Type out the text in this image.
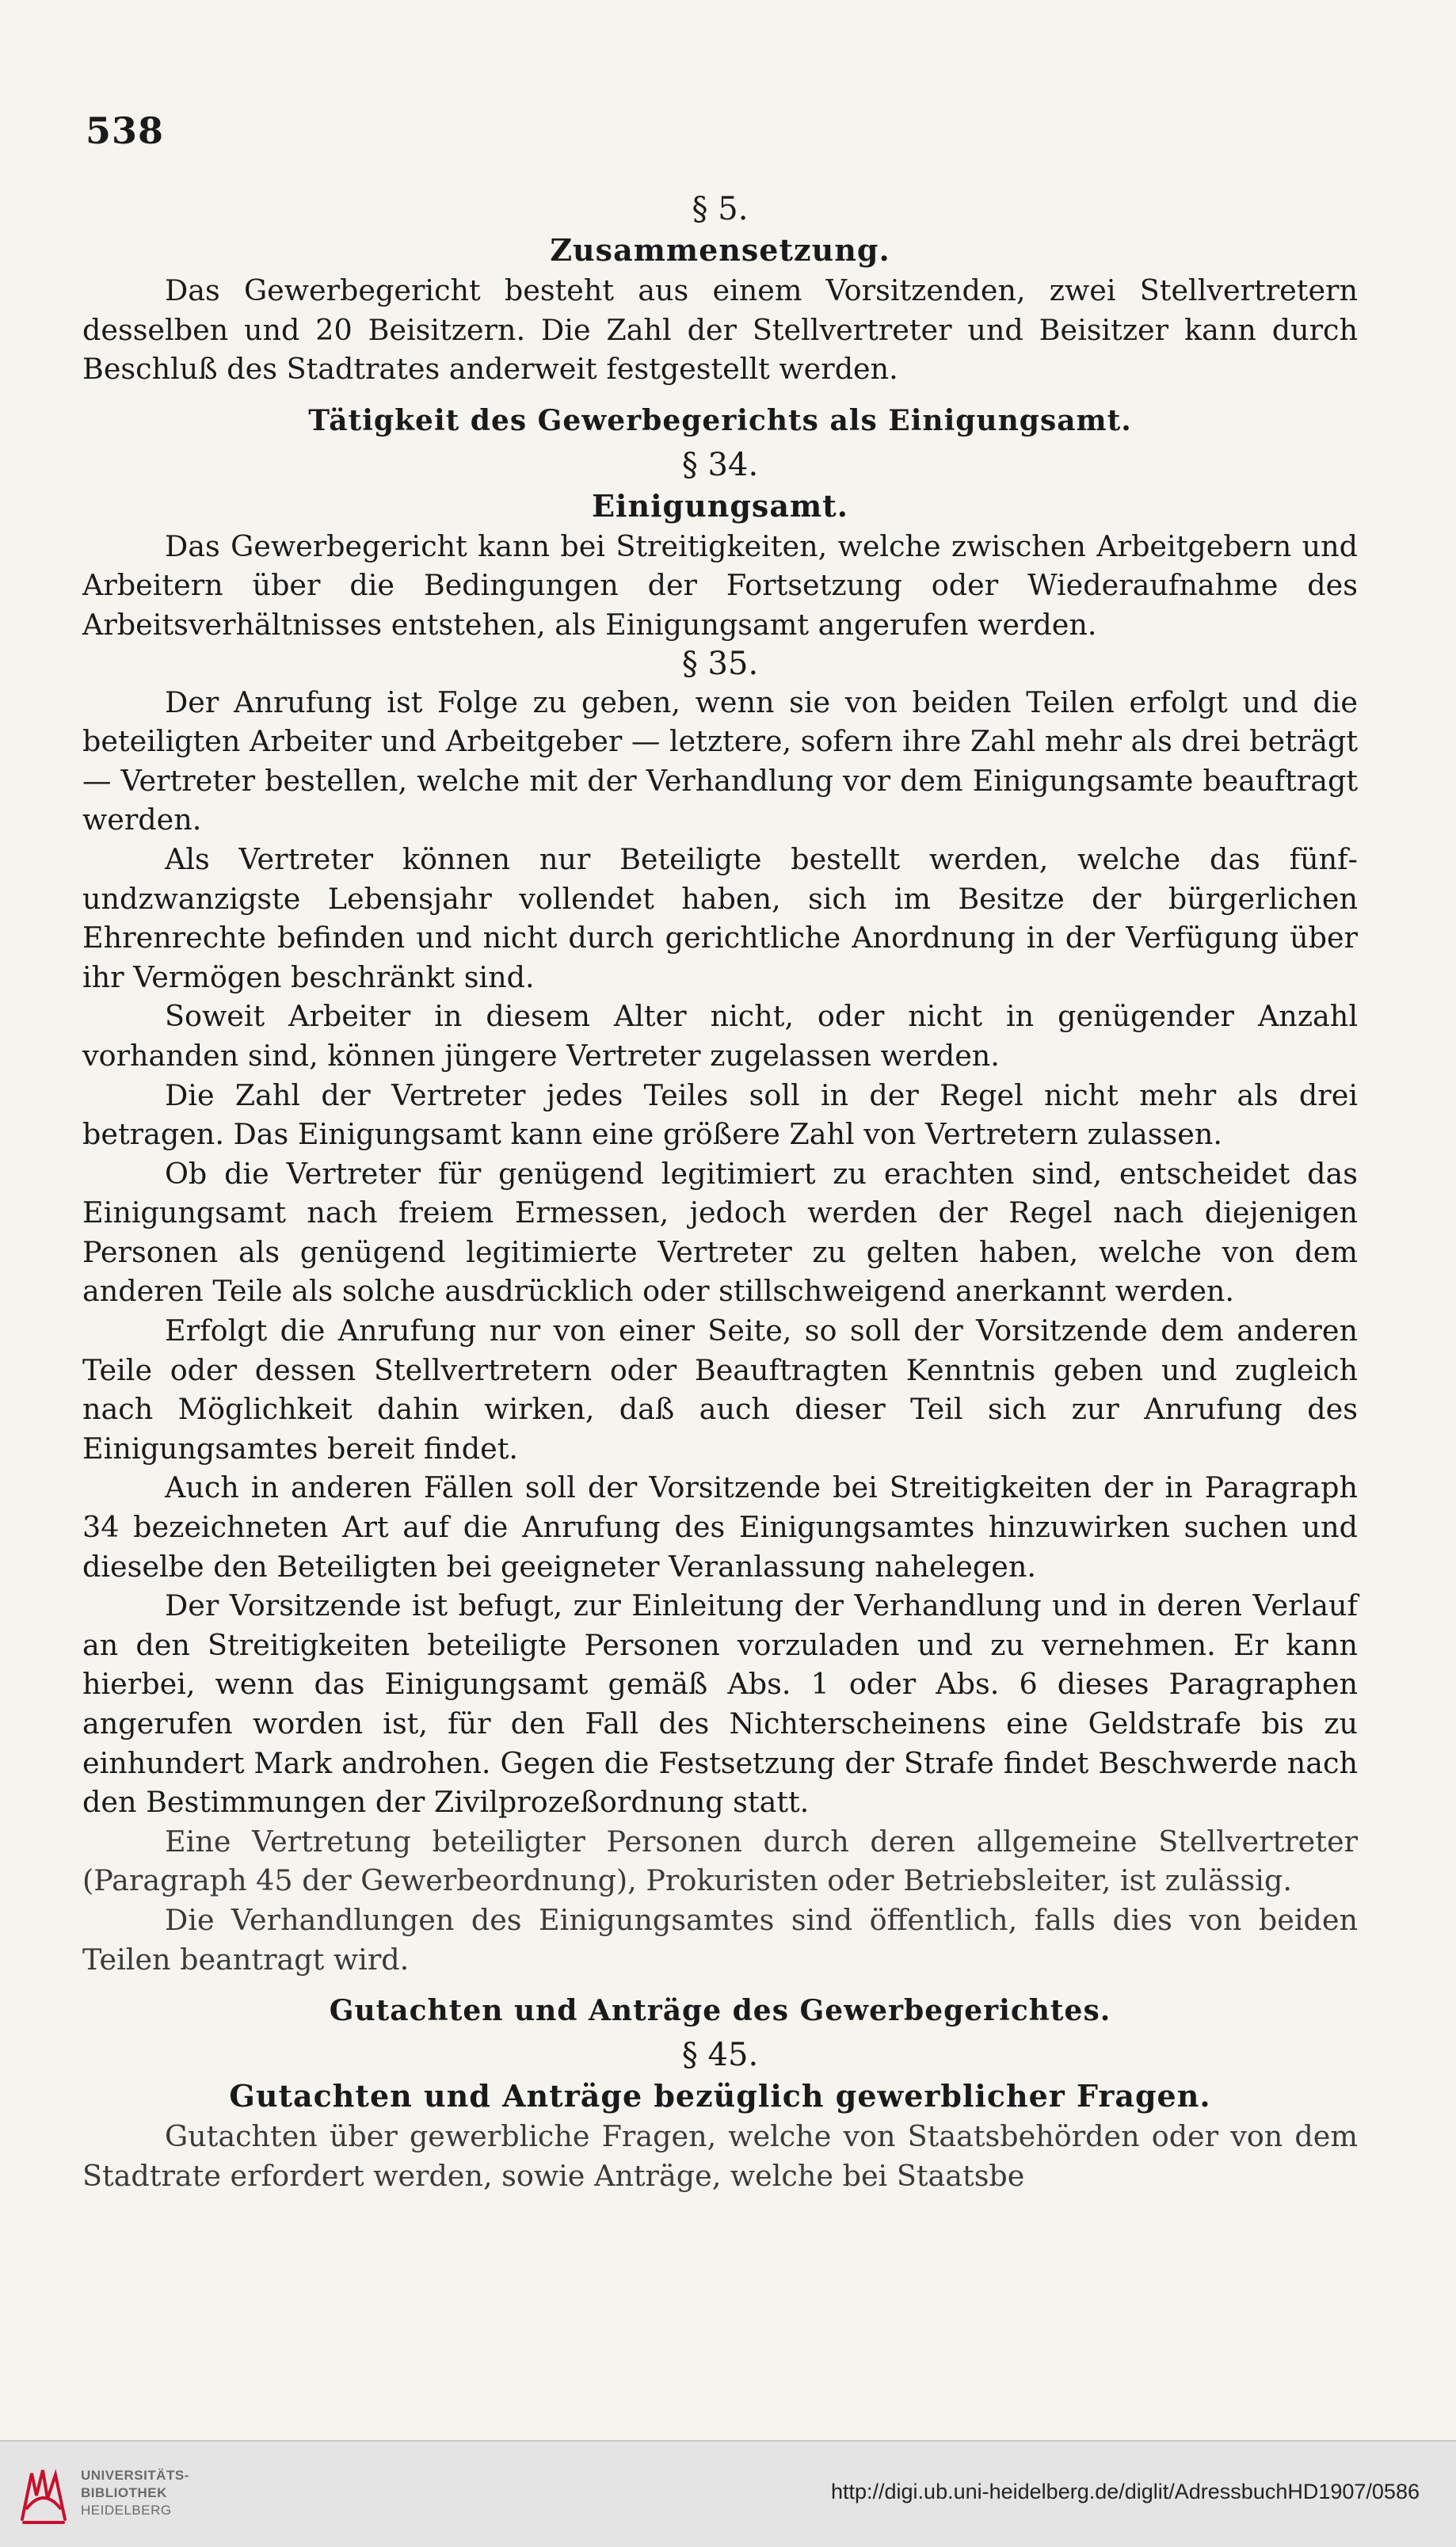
538
§ 5.
Zusammensetzung.

Das Gewerbegericht besteht aus einem Vorsitzenden, zwei Stellvertretern desselben und 20 Beisitzern. Die Zahl der Stellvertreter und Beisitzer kann durch Beschluß des Stadtrates anderweit festgestellt werden.

Tätigkeit des Gewerbegerichts als Einigungsamt.
§ 34.
Einigungsamt.

Das Gewerbegericht kann bei Streitigkeiten, welche zwischen Arbeitgebern und Arbeitern über die Bedingungen der Fortsetzung oder Wiederaufnahme des Arbeitsverhältnisses entstehen, als Einigungsamt angerufen werden.

§ 35.

Der Anrufung ist Folge zu geben, wenn sie von beiden Teilen erfolgt und die beteiligten Arbeiter und Arbeitgeber — letztere, sofern ihre Zahl mehr als drei beträgt — Vertreter bestellen, welche mit der Verhandlung vor dem Einigungsamte beauftragt werden.

Als Vertreter können nur Beteiligte bestellt werden, welche das fünfundzwanzigste Lebensjahr vollendet haben, sich im Besitze der bürgerlichen Ehrenrechte befinden und nicht durch gerichtliche Anordnung in der Verfügung über ihr Vermögen beschränkt sind.

Soweit Arbeiter in diesem Alter nicht, oder nicht in genügender Anzahl vorhanden sind, können jüngere Vertreter zugelassen werden.

Die Zahl der Vertreter jedes Teiles soll in der Regel nicht mehr als drei betragen. Das Einigungsamt kann eine größere Zahl von Vertretern zulassen.

Ob die Vertreter für genügend legitimiert zu erachten sind, entscheidet das Einigungsamt nach freiem Ermessen, jedoch werden der Regel nach diejenigen Personen als genügend legitimierte Vertreter zu gelten haben, welche von dem anderen Teile als solche ausdrücklich oder stillschweigend anerkannt werden.

Erfolgt die Anrufung nur von einer Seite, so soll der Vorsitzende dem anderen Teile oder dessen Stellvertretern oder Beauftragten Kenntnis geben und zugleich nach Möglichkeit dahin wirken, daß auch dieser Teil sich zur Anrufung des Einigungsamtes bereit findet.

Auch in anderen Fällen soll der Vorsitzende bei Streitigkeiten der in Paragraph 34 bezeichneten Art auf die Anrufung des Einigungsamtes hinzuwirken suchen und dieselbe den Beteiligten bei geeigneter Veranlassung nahelegen.

Der Vorsitzende ist befugt, zur Einleitung der Verhandlung und in deren Verlauf an den Streitigkeiten beteiligte Personen vorzuladen und zu vernehmen. Er kann hierbei, wenn das Einigungsamt gemäß Abs. 1 oder Abs. 6 dieses Paragraphen angerufen worden ist, für den Fall des Nichterscheinens eine Geldstrafe bis zu einhundert Mark androhen. Gegen die Festsetzung der Strafe findet Beschwerde nach den Bestimmungen der Zivilprozeßordnung statt.

Eine Vertretung beteiligter Personen durch deren allgemeine Stellvertreter (Paragraph 45 der Gewerbeordnung), Prokuristen oder Betriebsleiter, ist zulässig.

Die Verhandlungen des Einigungsamtes sind öffentlich, falls dies von beiden Teilen beantragt wird.

Gutachten und Anträge des Gewerbegerichtes.
§ 45.
Gutachten und Anträge bezüglich gewerblicher Fragen.

Gutachten über gewerbliche Fragen, welche von Staatsbehörden oder von dem Stadtrate erfordert werden, sowie Anträge, welche bei Staatsbe

UNIVERSITÄTS-
BIBLIOTHEK
HEIDELBERG
http://digi.ub.uni-heidelberg.de/diglit/AdressbuchHD1907/0586
